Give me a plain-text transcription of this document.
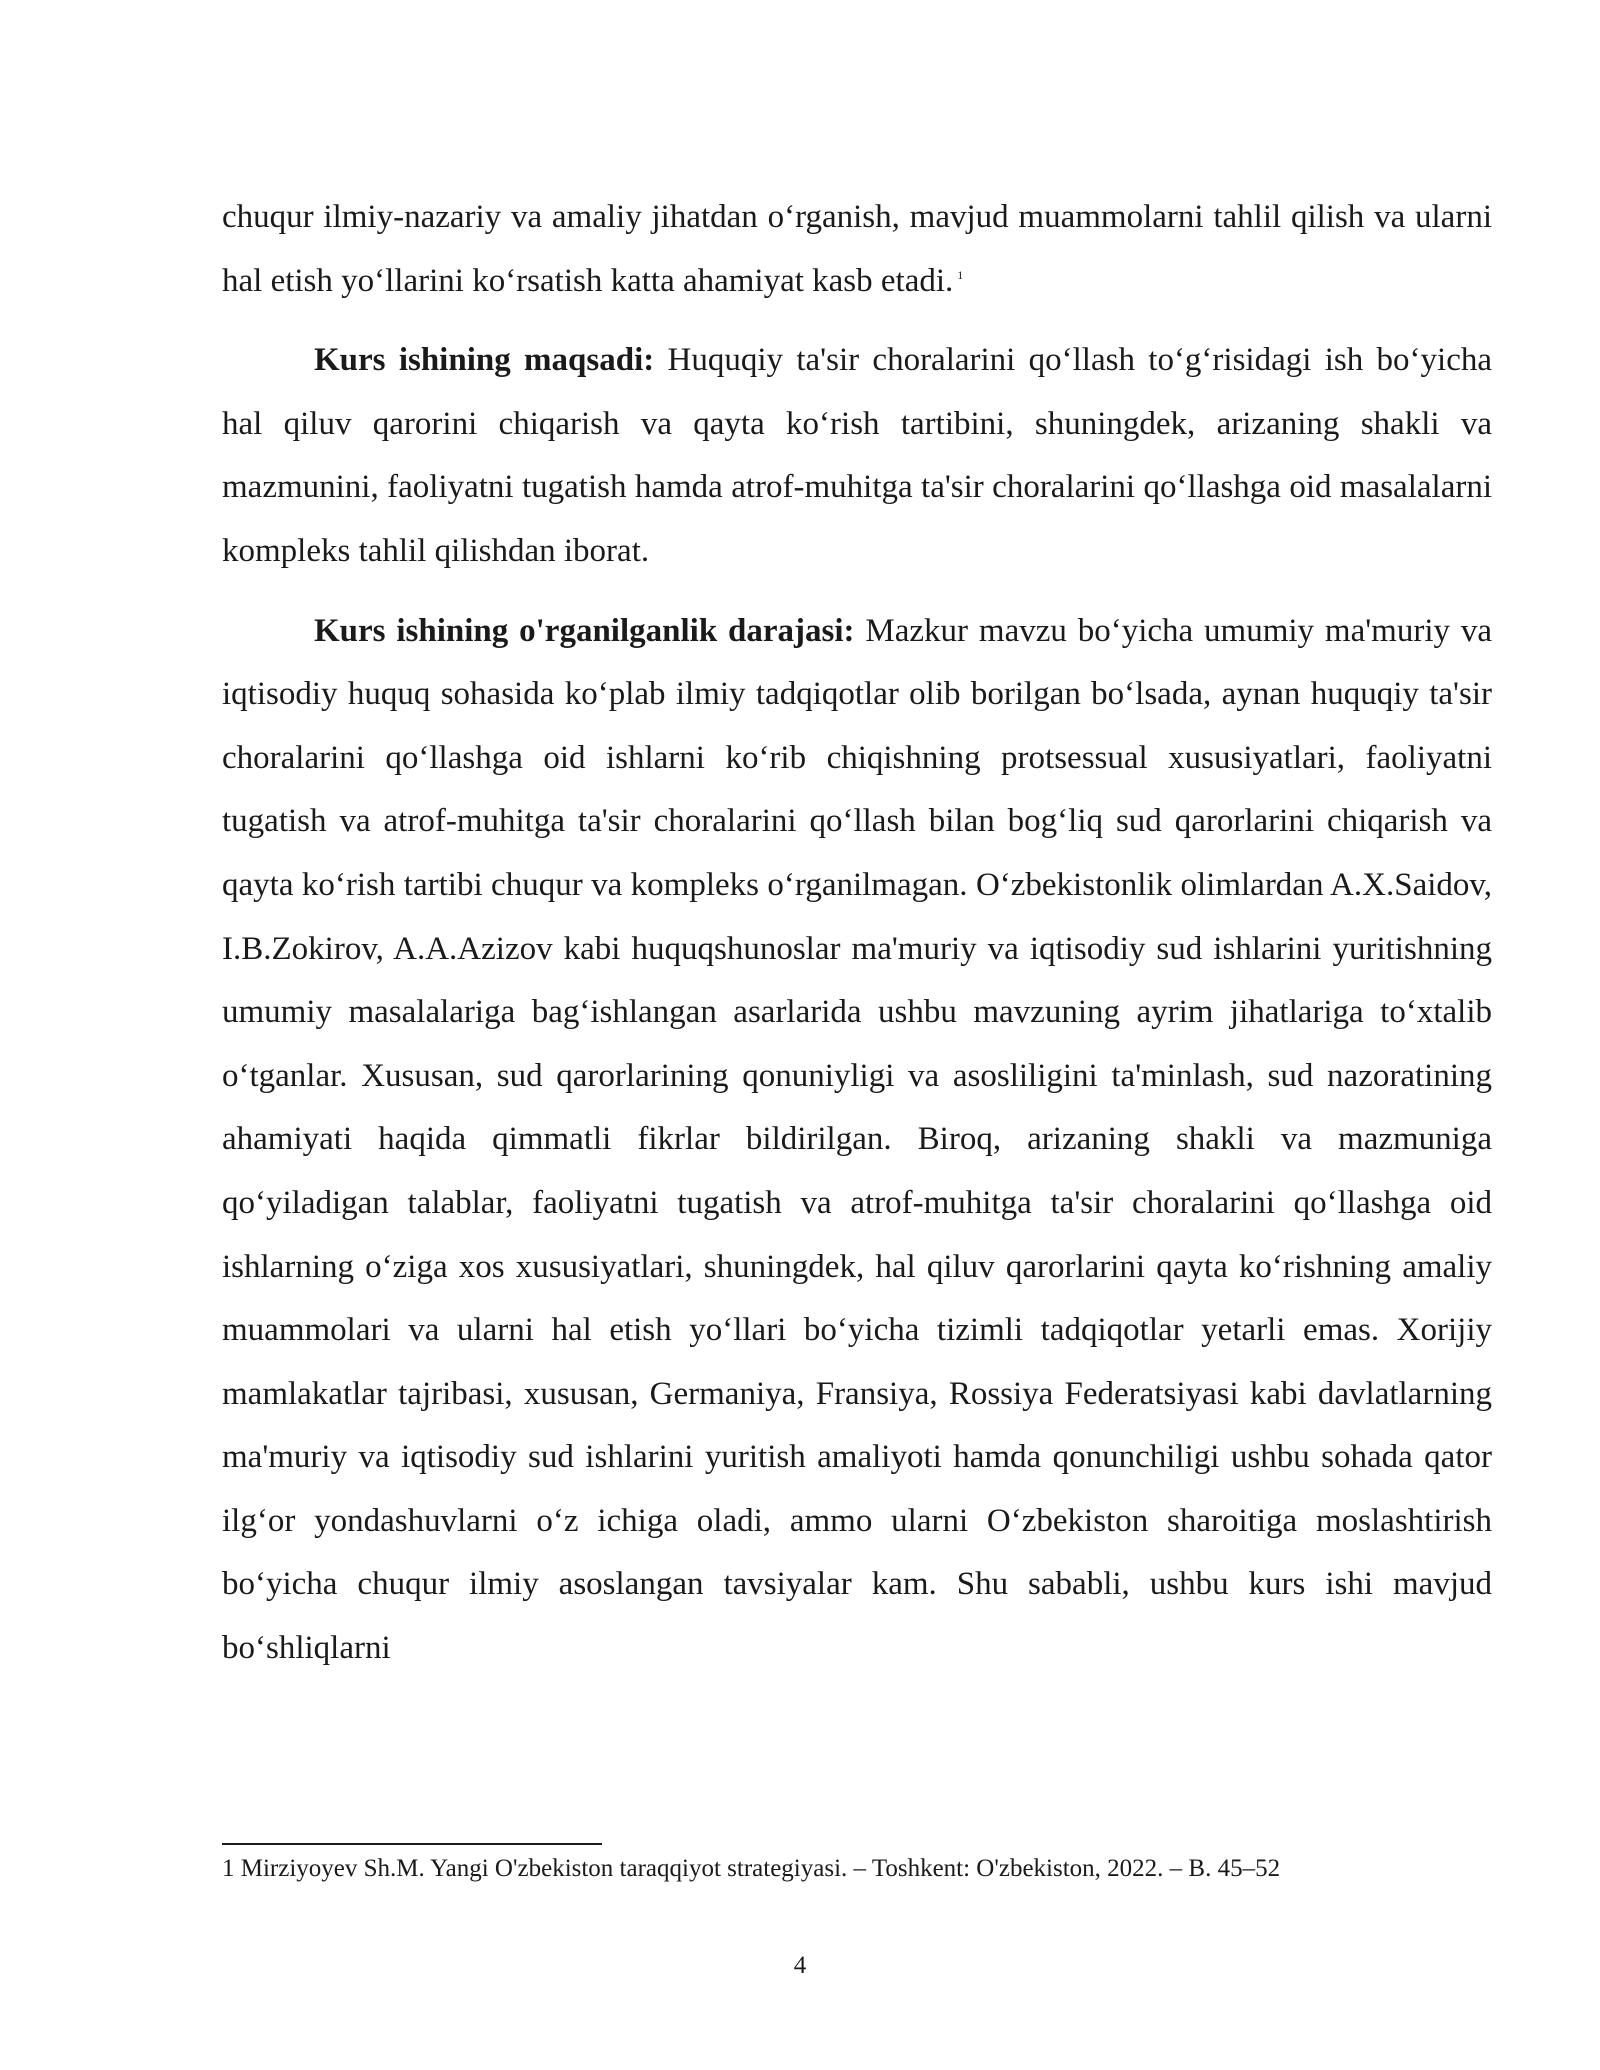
chuqur ilmiy-nazariy va amaliy jihatdan o‘rganish, mavjud muammolarni tahlil qilish va ularni hal etish yo‘llarini ko‘rsatish katta ahamiyat kasb etadi. $^1$

Kurs ishining maqsadi: Huquqiy ta'sir choralarini qo‘llash to‘g‘risidagi ish bo‘yicha hal qiluv qarorini chiqarish va qayta ko‘rish tartibini, shuningdek, arizaning shakli va mazmunini, faoliyatni tugatish hamda atrof-muhitga ta'sir choralarini qo‘llashga oid masalalarni kompleks tahlil qilishdan iborat.

Kurs ishining o'rganilganlik darajasi: Mazkur mavzu bo‘yicha umumiy ma'muriy va iqtisodiy huquq sohasida ko‘plab ilmiy tadqiqotlar olib borilgan bo‘lsada, aynan huquqiy ta'sir choralarini qo‘llashga oid ishlarni ko‘rib chiqishning protsessual xususiyatlari, faoliyatni tugatish va atrof-muhitga ta'sir choralarini qo‘llash bilan bog‘liq sud qarorlarini chiqarish va qayta ko‘rish tartibi chuqur va kompleks o‘rganilmagan. O‘zbekistonlik olimlardan A.X.Saidov, I.B.Zokirov, A.A.Azizov kabi huquqshunoslar ma'muriy va iqtisodiy sud ishlarini yuritishning umumiy masalalariga bag‘ishlangan asarlarida ushbu mavzuning ayrim jihatlariga to‘xtalib o‘tganlar. Xususan, sud qarorlarining qonuniyligi va asosliligini ta'minlash, sud nazoratining ahamiyati haqida qimmatli fikrlar bildirilgan. Biroq, arizaning shakli va mazmuniga qo‘yiladigan talablar, faoliyatni tugatish va atrof-muhitga ta'sir choralarini qo‘llashga oid ishlarning o‘ziga xos xususiyatlari, shuningdek, hal qiluv qarorlarini qayta ko‘rishning amaliy muammolari va ularni hal etish yo‘llari bo‘yicha tizimli tadqiqotlar yetarli emas. Xorijiy mamlakatlar tajribasi, xususan, Germaniya, Fransiya, Rossiya Federatsiyasi kabi davlatlarning ma'muriy va iqtisodiy sud ishlarini yuritish amaliyoti hamda qonunchiligi ushbu sohada qator ilg‘or yondashuvlarni o‘z ichiga oladi, ammo ularni O‘zbekiston sharoitiga moslashtirish bo‘yicha chuqur ilmiy asoslangan tavsiyalar kam. Shu sababli, ushbu kurs ishi mavjud bo‘shliqlarni

1 Mirziyoyev Sh.M. Yangi O'zbekiston taraqqiyot strategiyasi. – Toshkent: O'zbekiston, 2022. – B. 45–52
4
